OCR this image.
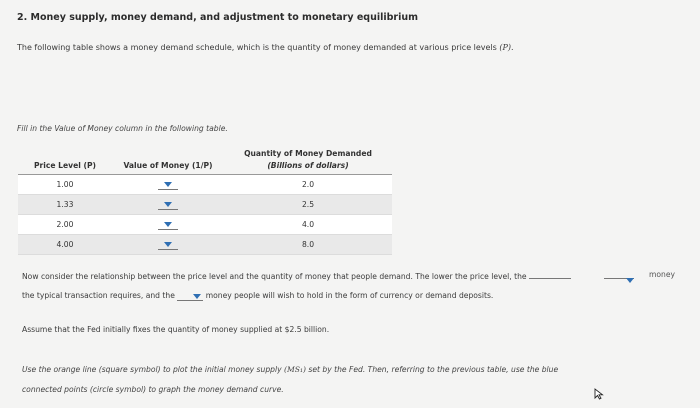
2. Money supply, money demand, and adjustment to monetary equilibrium
The following table shows a money demand schedule, which is the quantity of money demanded at various price levels (P).
Fill in the Value of Money column in the following table.
Price Level (P)	Value of Money (1/P)	Quantity of Money Demanded
(Billions of dollars)

1.00		2.0
1.33		2.5
2.00		4.0
4.00		8.0
Now consider the relationship between the price level and the quantity of money that people demand. The lower the price level, the	money
the typical transaction requires, and the	money people will wish to hold in the form of currency or demand deposits.
Assume that the Fed initially fixes the quantity of money supplied at $2.5 billion.
Use the orange line (square symbol) to plot the initial money supply (MS₁) set by the Fed. Then, referring to the previous table, use the blue
connected points (circle symbol) to graph the money demand curve.
